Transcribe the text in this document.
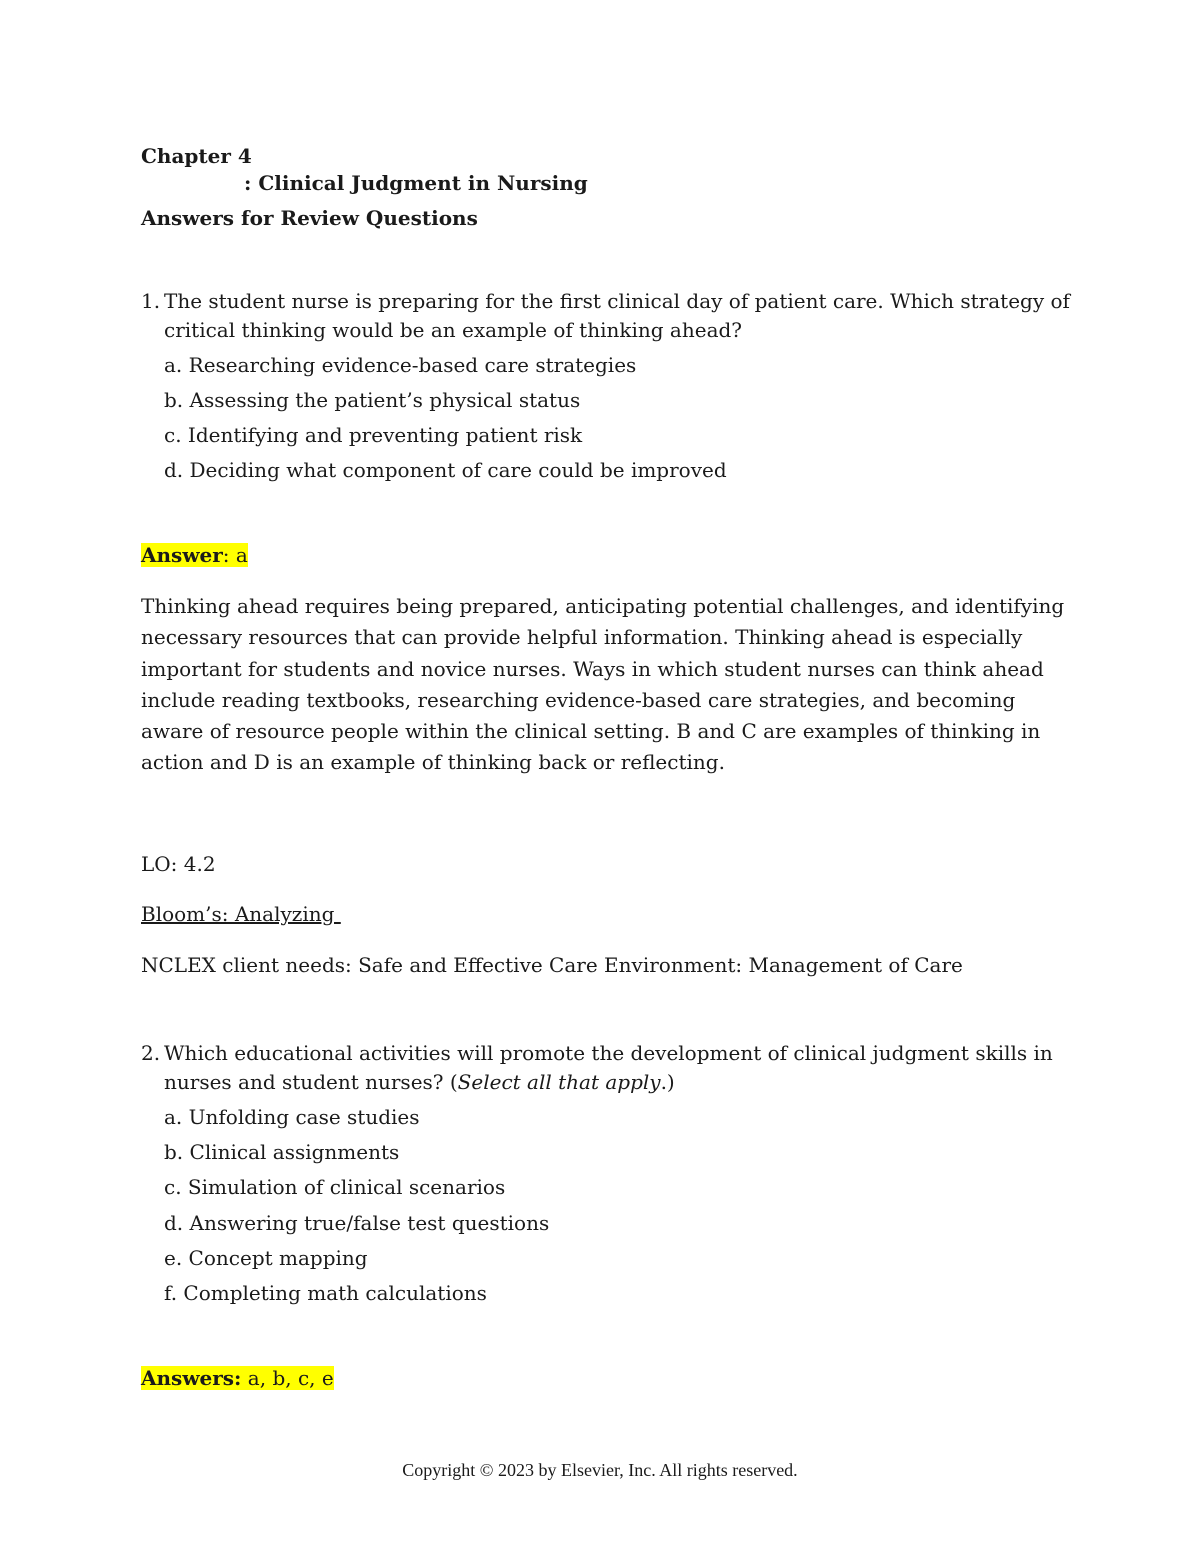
Chapter 4
: Clinical Judgment in Nursing
Answers for Review Questions
1. The student nurse is preparing for the first clinical day of patient care. Which strategy of
critical thinking would be an example of thinking ahead?
a. Researching evidence-based care strategies
b. Assessing the patient’s physical status
c. Identifying and preventing patient risk
d. Deciding what component of care could be improved
Answer: a
Thinking ahead requires being prepared, anticipating potential challenges, and identifying necessary resources that can provide helpful information. Thinking ahead is especially important for students and novice nurses. Ways in which student nurses can think ahead include reading textbooks, researching evidence-based care strategies, and becoming aware of resource people within the clinical setting. B and C are examples of thinking in action and D is an example of thinking back or reflecting.
LO: 4.2
Bloom’s: Analyzing
NCLEX client needs: Safe and Effective Care Environment: Management of Care
2. Which educational activities will promote the development of clinical judgment skills in
nurses and student nurses? (Select all that apply.)
a. Unfolding case studies
b. Clinical assignments
c. Simulation of clinical scenarios
d. Answering true/false test questions
e. Concept mapping
f. Completing math calculations
Answers: a, b, c, e
Copyright © 2023 by Elsevier, Inc. All rights reserved.
